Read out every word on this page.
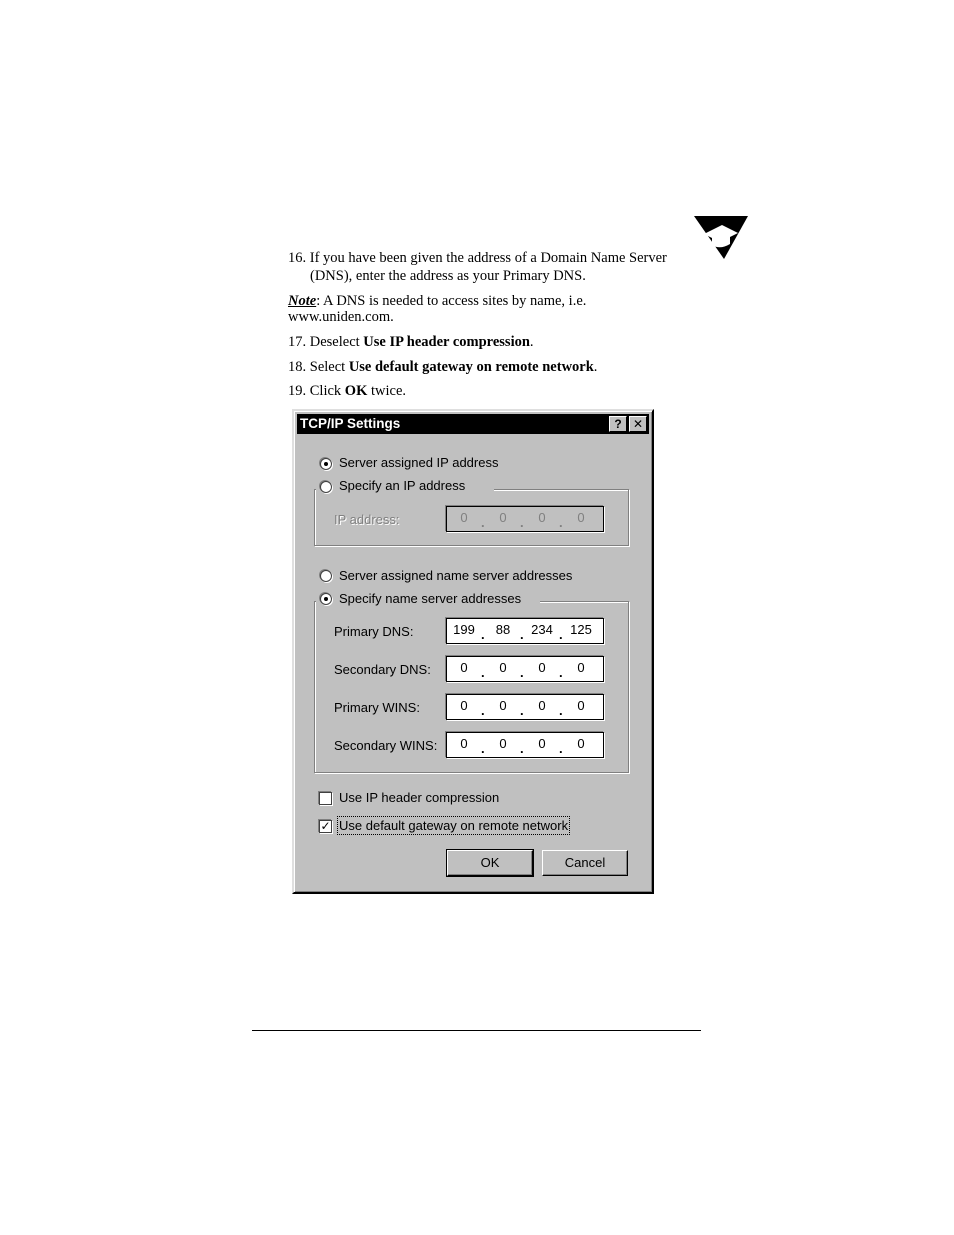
16. If you have been given the address of a Domain Name Server
(DNS), enter the address as your Primary DNS.
Note: A DNS is needed to access sites by name, i.e.
www.uniden.com.
17. Deselect Use IP header compression.
18. Select Use default gateway on remote network.
19. Click OK twice.
TCP/IP Settings	? ✕
Server assigned IP address
Specify an IP address
IP address:	0	.	0	.	0	.	0
Server assigned name server addresses
Specify name server addresses
Primary DNS:	199 . 88 . 234 . 125
Secondary DNS:	0	.	0	.	0	.	0
Primary WINS:	0	.	0	.	0	.	0
Secondary WINS:	0	.	0	.	0	.	0
Use IP header compression
✓ Use default gateway on remote network
OK	Cancel
